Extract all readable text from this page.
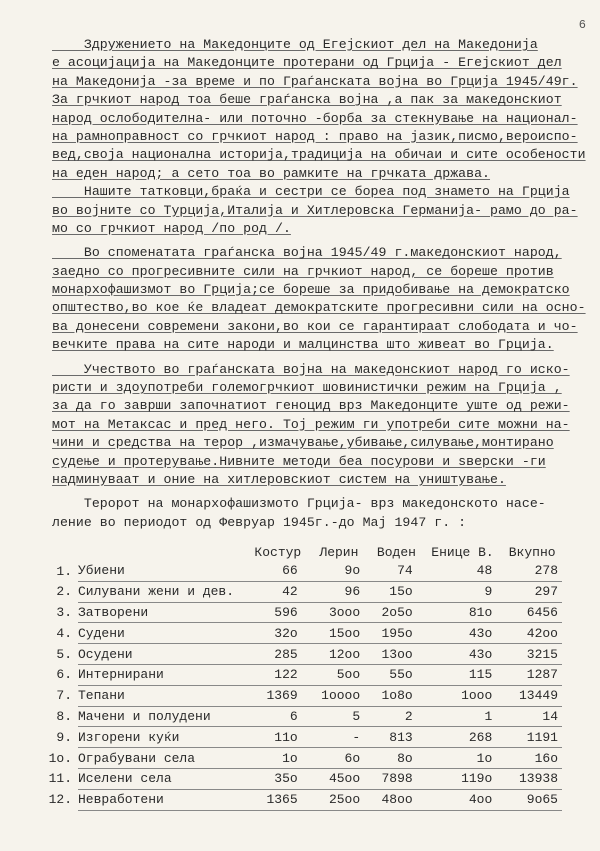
6
Здружението на Македонците од Егејскиот дел на Македонија
е асоцијација на Македонците протерани од Грција - Егејскиот дел
на Македонија -за време и по Граѓанската војна во Грција 1945/49г.
За грчкиот народ тоа беше граѓанска војна ,а пак за македонскиот
народ ослободителна- или поточно -борба за стекнување на национал-
на рамноправност со грчкиот народ : право на јазик,писмо,вероиспо-
вед,своја национална историја,традиција на обичаи и сите особености
на еден народ; а сето тоа во рамките на грчката држава.
Нашите татковци,браќа и сестри се бореа под знамето на Грција
во војните со Турција,Италија и Хитлеровска Германија- рамо до ра-
мо со грчкиот народ /по род /.
Во споменатата граѓанска војна 1945/49 г.македонскиот народ,
заедно со прогресивните сили на грчкиот народ, се бореше против
монархофашизмот во Грција;се бореше за придобивање на демократско
општество,во кое ќе владеат демократските прогресивни сили на осно-
ва донесени современи закони,во кои се гарантираат слободата и чо-
вечките права на сите народи и малцинства што живеат во Грција.
Учеството во граѓанската војна на македонскиот народ го иско-
ристи и здоупотреби големогрчкиот шовинистички режим на Грција ,
за да го заврши започнатиот геноцид врз Македонците уште од режи-
мот на Метаксас и пред него. Тој режим ги употреби сите можни на-
чини и средства на терор ,измачување,убивање,силување,монтирано
судење и протерување.Нивните методи беа посурови и ѕверски -ги
надминуваат и оние на хитлеровскиот систем на уништување.
Теророт на монархофашизмото Грција- врз македонското насе-
ление во периодот од Февруар 1945г.-до Мај 1947 г. :
		Костур	Лерин	Воден	Енице В.	Вкупно
1.	Убиени	66	9о	74	48	278
2.	Силувани жени и дев.	42	96	15о	9	297
3.	Затворени	596	3ооо	2о5о	81о	6456
4.	Судени	32о	15оо	195о	43о	42оо
5.	Осудени	285	12оо	13оо	43о	3215
6.	Интернирани	122	5оо	55о	115	1287
7.	Тепани	1369	1оооо	1о8о	1ооо	13449
8.	Мачени и полудени	6	5	2	1	14
9.	Изгорени куќи	11о	-	813	268	1191
1о.	Ограбувани села	1о	6о	8о	1о	16о
11.	Иселени села	35о	45оо	7898	119о	13938
12.	Невработени	1365	25оо	48оо	4оо	9о65
